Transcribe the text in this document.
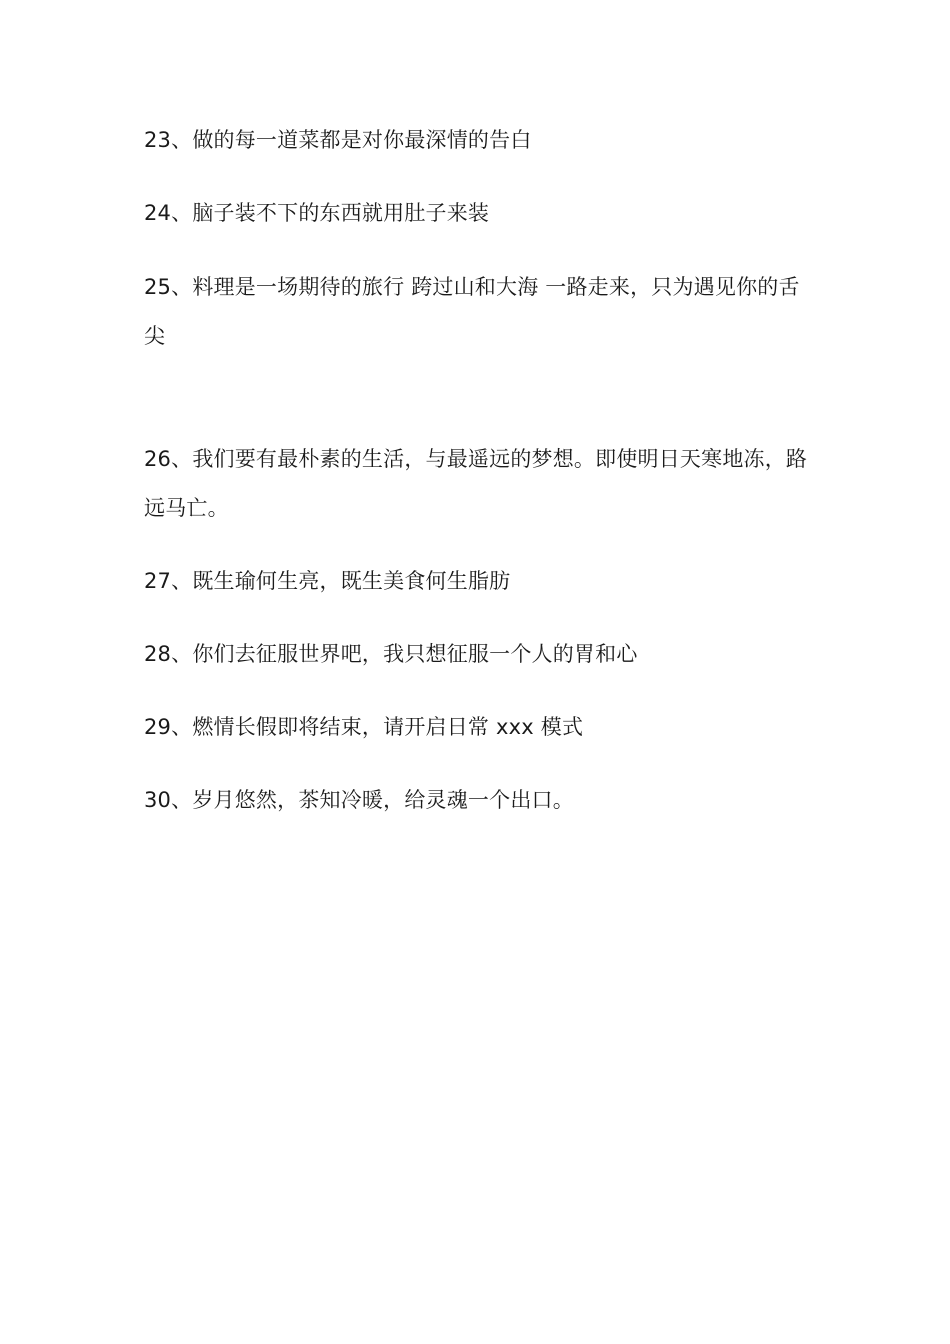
23、做的每一道菜都是对你最深情的告白
24、脑子装不下的东西就用肚子来装
25、料理是一场期待的旅行 跨过山和大海 一路走来，只为遇见你的舌尖
26、我们要有最朴素的生活，与最遥远的梦想。即使明日天寒地冻，路远马亡。
27、既生瑜何生亮，既生美食何生脂肪
28、你们去征服世界吧，我只想征服一个人的胃和心
29、燃情长假即将结束，请开启日常 xxx 模式
30、岁月悠然，茶知冷暖，给灵魂一个出口。
